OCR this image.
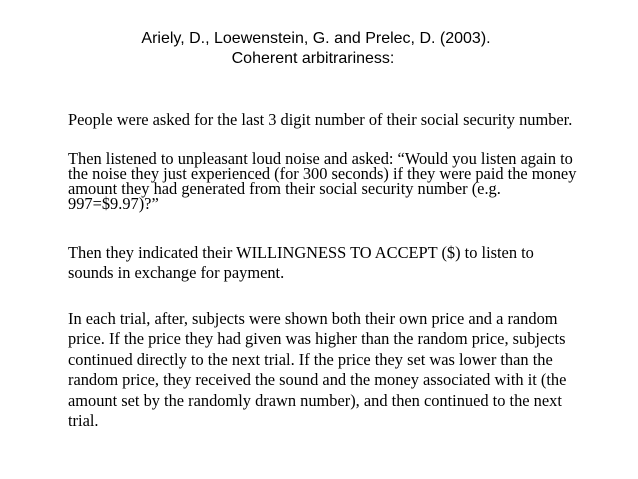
Ariely, D., Loewenstein, G. and Prelec, D. (2003).
Coherent arbitrariness:
People were asked for the last 3 digit number of their social security number.
Then listened to unpleasant loud noise and asked: “Would you listen again to
the noise they just experienced (for 300 seconds) if they were paid the money
amount they had generated from their social security number (e.g.
997=$9.97)?”
Then they indicated their WILLINGNESS TO ACCEPT ($) to listen to
sounds in exchange for payment.
In each trial, after, subjects were shown both their own price and a random
price. If the price they had given was higher than the random price, subjects
continued directly to the next trial. If the price they set was lower than the
random price, they received the sound and the money associated with it (the
amount set by the randomly drawn number), and then continued to the next
trial.
